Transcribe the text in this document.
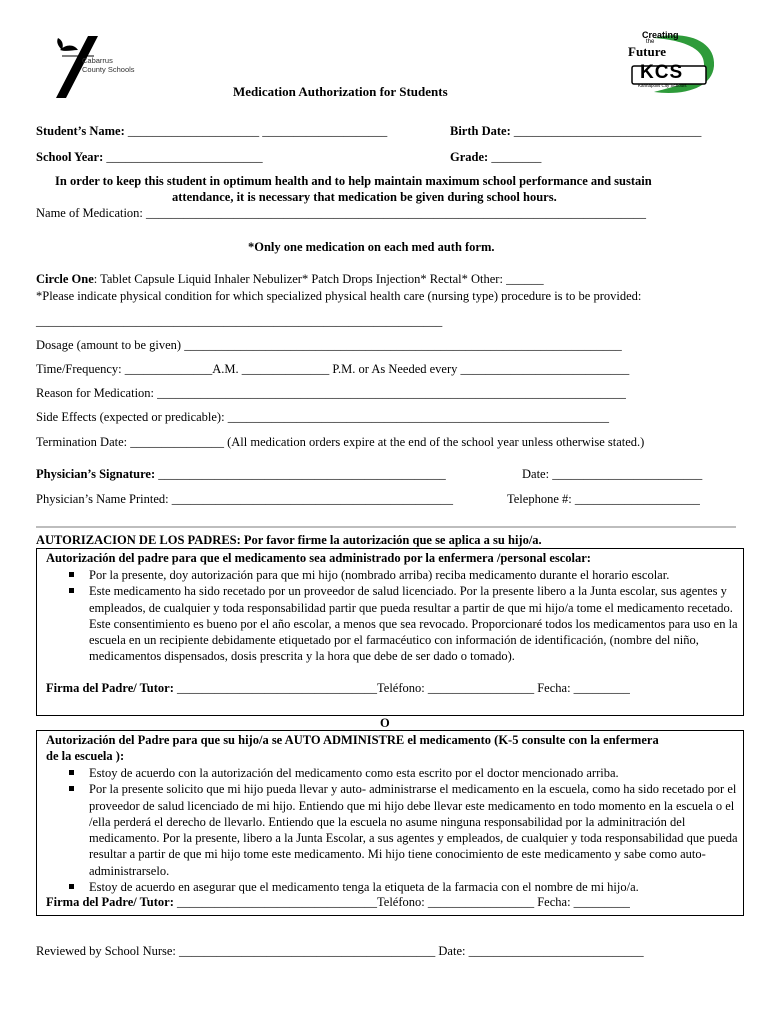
Cabarrus
County Schools
Creating
the
Future
KCS
Kannapolis City Schools
Medication Authorization for Students
Student’s Name: _____________________ ____________________	Birth Date: ______________________________
School Year: _________________________	Grade: ________
In order to keep this student in optimum health and to help maintain maximum school performance and sustain
attendance, it is necessary that medication be given during school hours.
Name of Medication: ________________________________________________________________________________
*Only one medication on each med auth form.
Circle One: Tablet Capsule Liquid Inhaler Nebulizer* Patch Drops Injection* Rectal* Other: ______
*Please indicate physical condition for which specialized physical health care (nursing type) procedure is to be provided:
_________________________________________________________________
Dosage (amount to be given) ______________________________________________________________________
Time/Frequency: ______________A.M. ______________ P.M. or As Needed every ___________________________
Reason for Medication: ___________________________________________________________________________
Side Effects (expected or predicable): _____________________________________________________________
Termination Date: _______________ (All medication orders expire at the end of the school year unless otherwise stated.)
Physician’s Signature: ______________________________________________	Date: ________________________
Physician’s Name Printed: _____________________________________________	Telephone #: ____________________
AUTORIZACION DE LOS PADRES: Por favor firme la autorización que se aplica a su hijo/a.
Autorización del padre para que el medicamento sea administrado por la enfermera /personal escolar:
Por la presente, doy autorización para que mi hijo (nombrado arriba) reciba medicamento durante el horario escolar.
Este medicamento ha sido recetado por un proveedor de salud licenciado. Por la presente libero a la Junta escolar, sus agentes y empleados, de cualquier y toda responsabilidad partir que pueda resultar a partir de que mi hijo/a tome el medicamento recetado. Este consentimiento es bueno por el año escolar, a menos que sea revocado. Proporcionaré todos los medicamentos para uso en la escuela en un recipiente debidamente etiquetado por el farmacéutico con información de identificación, (nombre del niño, medicamentos dispensados, dosis prescrita y la hora que debe de ser dado o tomado).
Firma del Padre/ Tutor: ________________________________Teléfono: _________________ Fecha: _________
O
Autorización del Padre para que su hijo/a se AUTO ADMINISTRE el medicamento (K-5 consulte con la enfermera
de la escuela ):
Estoy de acuerdo con la autorización del medicamento como esta escrito por el doctor mencionado arriba.
Por la presente solicito que mi hijo pueda llevar y auto- administrarse el medicamento en la escuela, como ha sido recetado por el proveedor de salud licenciado de mi hijo. Entiendo que mi hijo debe llevar este medicamento en todo momento en la escuela o el /ella perderá el derecho de llevarlo. Entiendo que la escuela no asume ninguna responsabilidad por la adminitración del medicamento. Por la presente, libero a la Junta Escolar, a sus agentes y empleados, de cualquier y toda responsabilidad que pueda resultar a partir de que mi hijo tome este medicamento. Mi hijo tiene conocimiento de este medicamento y sabe como auto-administrarselo.
Estoy de acuerdo en asegurar que el medicamento tenga la etiqueta de la farmacia con el nombre de mi hijo/a.
Firma del Padre/ Tutor: ________________________________Teléfono: _________________ Fecha: _________
Reviewed by School Nurse: _________________________________________ Date: ____________________________
